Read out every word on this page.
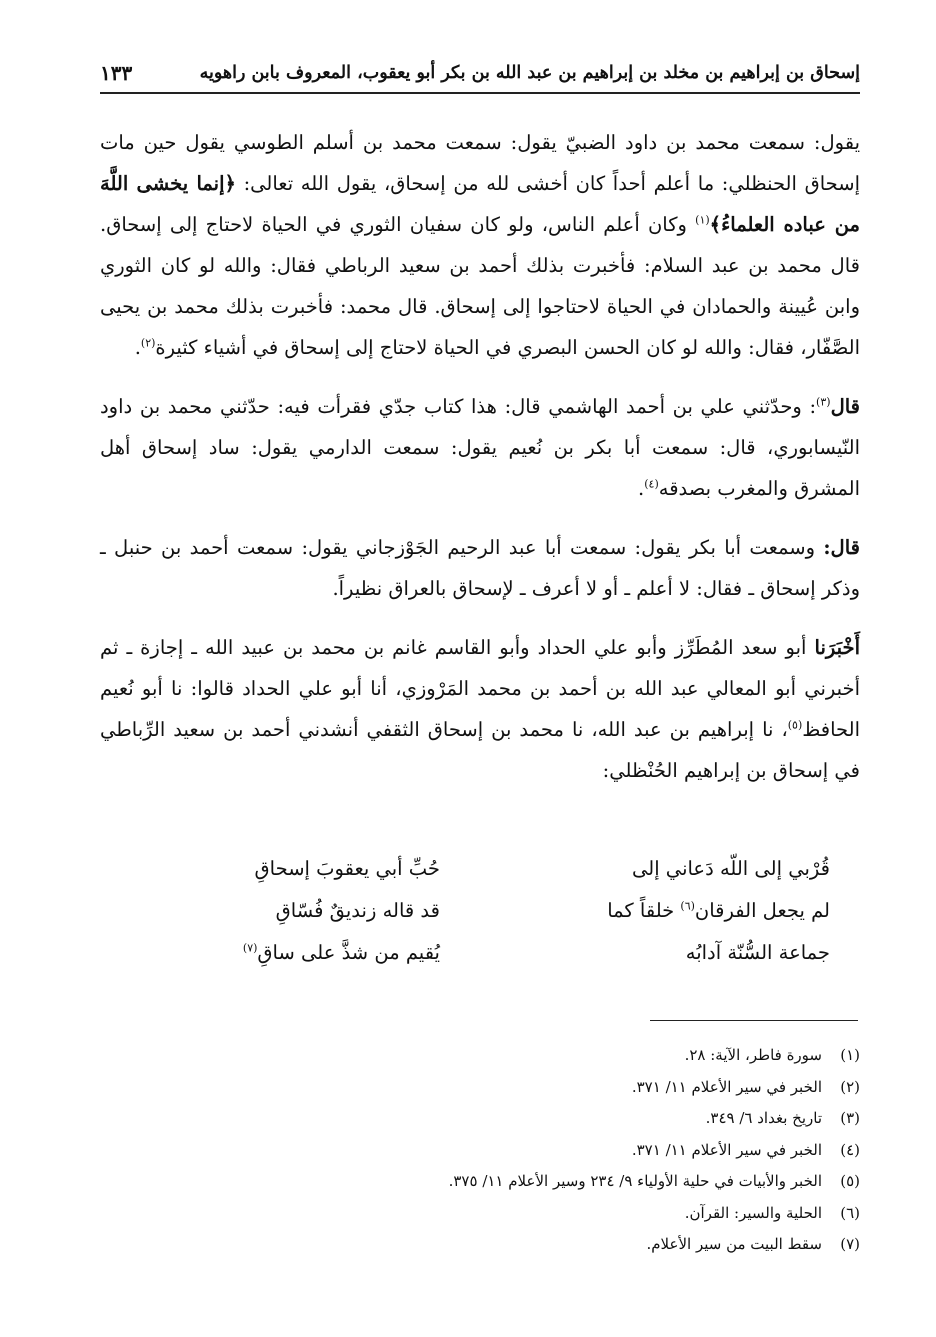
إسحاق بن إبراهيم بن مخلد بن إبراهيم بن عبد الله بن بكر أبو يعقوب، المعروف بابن راهويه
١٣٣

يقول: سمعت محمد بن داود الضبيّ يقول: سمعت محمد بن أسلم الطوسي يقول حين مات إسحاق الحنظلي: ما أعلم أحداً كان أخشى لله من إسحاق، يقول الله تعالى: ﴿إنما يخشى اللَّهَ من عباده العلماءُ﴾$^{(١)}$ وكان أعلم الناس، ولو كان سفيان الثوري في الحياة لاحتاج إلى إسحاق. قال محمد بن عبد السلام: فأخبرت بذلك أحمد بن سعيد الرباطي فقال: والله لو كان الثوري وابن عُيينة والحمادان في الحياة لاحتاجوا إلى إسحاق. قال محمد: فأخبرت بذلك محمد بن يحيى الصَّفّار، فقال: والله لو كان الحسن البصري في الحياة لاحتاج إلى إسحاق في أشياء كثيرة$^{(٢)}$.

قال$^{(٣)}$: وحدّثني علي بن أحمد الهاشمي قال: هذا كتاب جدّي فقرأت فيه: حدّثني محمد بن داود النّيسابوري، قال: سمعت أبا بكر بن نُعيم يقول: سمعت الدارمي يقول: ساد إسحاق أهل المشرق والمغرب بصدقه$^{(٤)}$.

قال: وسمعت أبا بكر يقول: سمعت أبا عبد الرحيم الجَوْزجاني يقول: سمعت أحمد بن حنبل ـ وذكر إسحاق ـ فقال: لا أعلم ـ أو لا أعرف ـ لإسحاق بالعراق نظيراً.

أَخْبَرَنا أبو سعد المُطَرِّز وأبو علي الحداد وأبو القاسم غانم بن محمد بن عبيد الله ـ إجازة ـ ثم أخبرني أبو المعالي عبد الله بن أحمد بن محمد المَرْوزي، أنا أبو علي الحداد قالوا: نا أبو نُعيم الحافظ$^{(٥)}$، نا إبراهيم بن عبد الله، نا محمد بن إسحاق الثقفي أنشدني أحمد بن سعيد الرِّباطي في إسحاق بن إبراهيم الحُنْظلي:

قُرْبي إلى اللّه دَعاني إلى
حُبِّ أبي يعقوبَ إسحاقِ
لم يجعل الفرقان$^{(٦)}$ خلقاً كما
قد قاله زنديقٌ فُسّاقِ
جماعة السُّنّة آدابُه
يُقيم من شذَّ على ساقِ$^{(٧)}$
(١)
سورة فاطر، الآية: ٢٨.
(٢)
الخبر في سير الأعلام ١١/ ٣٧١.
(٣)
تاريخ بغداد ٦/ ٣٤٩.
(٤)
الخبر في سير الأعلام ١١/ ٣٧١.
(٥)
الخبر والأبيات في حلية الأولياء ٩/ ٢٣٤ وسير الأعلام ١١/ ٣٧٥.
(٦)
الحلية والسير: القرآن.
(٧)
سقط البيت من سير الأعلام.
